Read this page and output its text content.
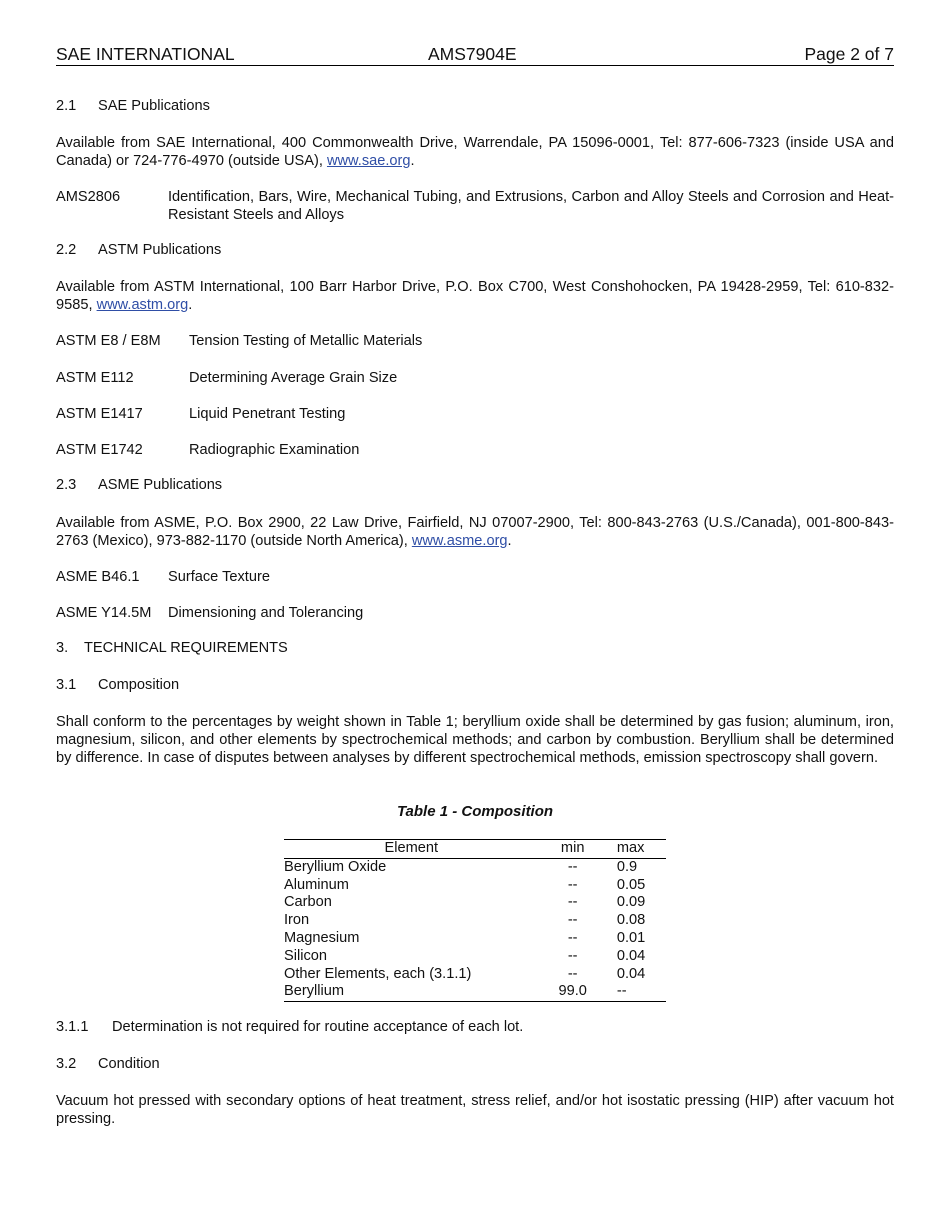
SAE INTERNATIONAL	AMS7904E	Page 2 of 7
2.1 SAE Publications
Available from SAE International, 400 Commonwealth Drive, Warrendale, PA 15096-0001, Tel: 877-606-7323 (inside USA and Canada) or 724-776-4970 (outside USA), www.sae.org.
AMS2806	Identification, Bars, Wire, Mechanical Tubing, and Extrusions, Carbon and Alloy Steels and Corrosion and Heat-Resistant Steels and Alloys
2.2 ASTM Publications
Available from ASTM International, 100 Barr Harbor Drive, P.O. Box C700, West Conshohocken, PA 19428-2959, Tel: 610-832-9585, www.astm.org.
ASTM E8 / E8M	Tension Testing of Metallic Materials
ASTM E112	Determining Average Grain Size
ASTM E1417	Liquid Penetrant Testing
ASTM E1742	Radiographic Examination
2.3 ASME Publications
Available from ASME, P.O. Box 2900, 22 Law Drive, Fairfield, NJ 07007-2900, Tel: 800-843-2763 (U.S./Canada), 001-800-843-2763 (Mexico), 973-882-1170 (outside North America), www.asme.org.
ASME B46.1	Surface Texture
ASME Y14.5M	Dimensioning and Tolerancing
3. TECHNICAL REQUIREMENTS
3.1 Composition
Shall conform to the percentages by weight shown in Table 1; beryllium oxide shall be determined by gas fusion; aluminum, iron, magnesium, silicon, and other elements by spectrochemical methods; and carbon by combustion. Beryllium shall be determined by difference. In case of disputes between analyses by different spectrochemical methods, emission spectroscopy shall govern.
Table 1 - Composition
Element	min	max
Beryllium Oxide	--	0.9
Aluminum	--	0.05
Carbon	--	0.09
Iron	--	0.08
Magnesium	--	0.01
Silicon	--	0.04
Other Elements, each (3.1.1)	--	0.04
Beryllium	99.0	--
3.1.1 Determination is not required for routine acceptance of each lot.
3.2 Condition
Vacuum hot pressed with secondary options of heat treatment, stress relief, and/or hot isostatic pressing (HIP) after vacuum hot pressing.
